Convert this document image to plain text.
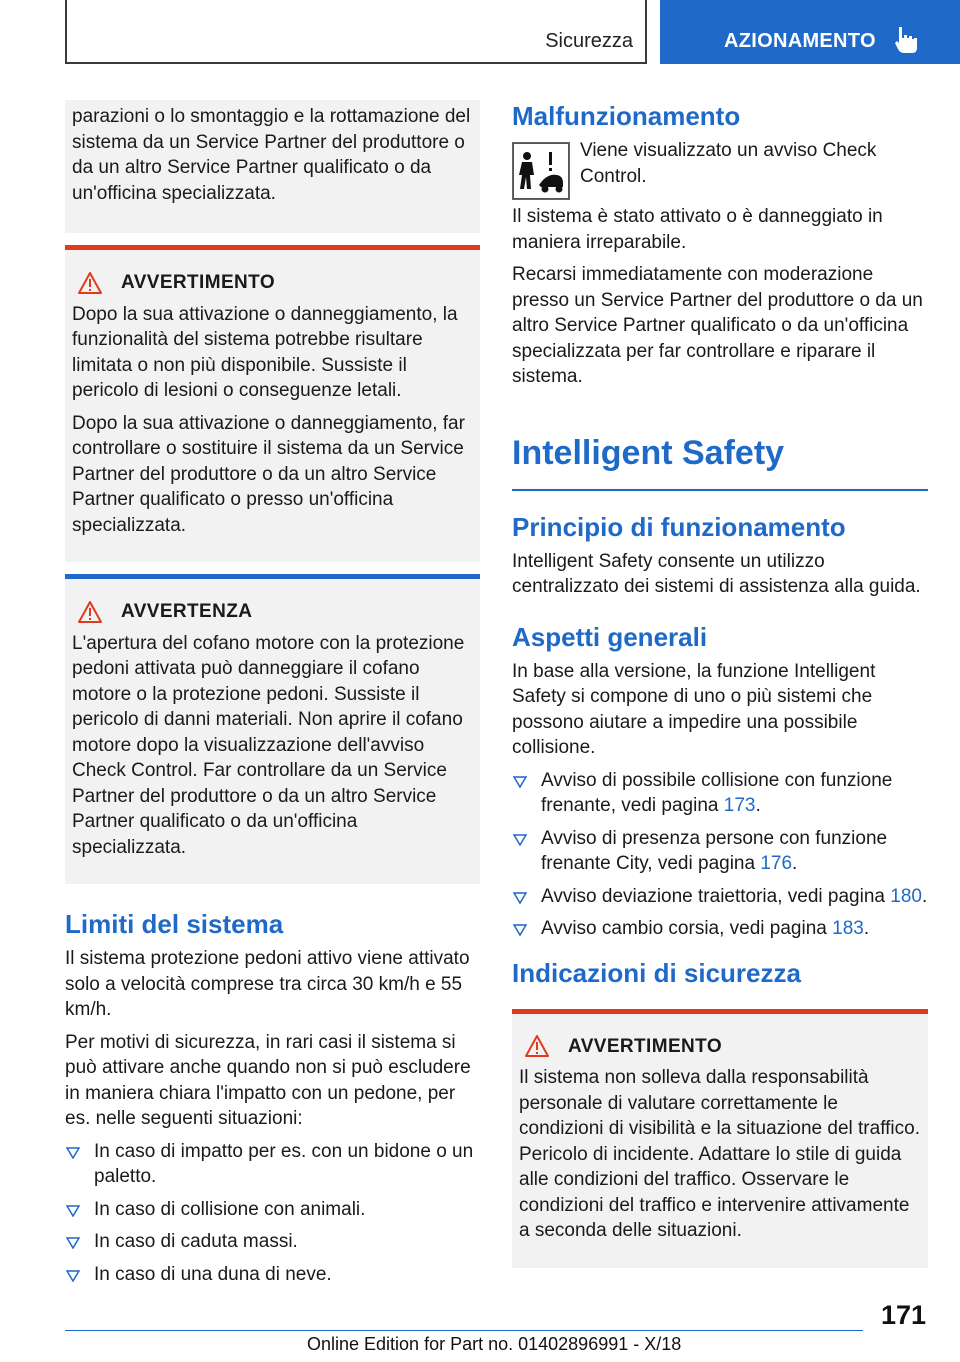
Sicurezza	AZIONAMENTO

parazioni o lo smontaggio e la rottamazione del sistema da un Service Partner del produttore o da un altro Service Partner qualificato o da un'officina specializzata.

AVVERTIMENTO

Dopo la sua attivazione o danneggiamento, la funzionalità del sistema potrebbe risultare limitata o non più disponibile. Sussiste il pericolo di lesioni o conseguenze letali.

Dopo la sua attivazione o danneggiamento, far controllare o sostituire il sistema da un Service Partner del produttore o da un altro Service Partner qualificato o presso un'officina specializzata.

AVVERTENZA

L'apertura del cofano motore con la protezione pedoni attivata può danneggiare il cofano motore o la protezione pedoni. Sussiste il pericolo di danni materiali. Non aprire il cofano motore dopo la visualizzazione dell'avviso Check Control. Far controllare da un Service Partner del produttore o da un altro Service Partner qualificato o da un'officina specializzata.

Limiti del sistema

Il sistema protezione pedoni attivo viene attivato solo a velocità comprese tra circa 30 km/h e 55 km/h.

Per motivi di sicurezza, in rari casi il sistema si può attivare anche quando non si può escludere in maniera chiara l'impatto con un pedone, per es. nelle seguenti situazioni:

In caso di impatto per es. con un bidone o un paletto.
In caso di collisione con animali.
In caso di caduta massi.
In caso di una duna di neve.
Malfunzionamento

Viene visualizzato un avviso Check Control.

Il sistema è stato attivato o è danneggiato in maniera irreparabile.

Recarsi immediatamente con moderazione presso un Service Partner del produttore o da un altro Service Partner qualificato o da un'officina specializzata per far controllare e riparare il sistema.

Intelligent Safety
Principio di funzionamento

Intelligent Safety consente un utilizzo centralizzato dei sistemi di assistenza alla guida.

Aspetti generali

In base alla versione, la funzione Intelligent Safety si compone di uno o più sistemi che possono aiutare a impedire una possibile collisione.

Avviso di possibile collisione con funzione frenante, vedi pagina 173.
Avviso di presenza persone con funzione frenante City, vedi pagina 176.
Avviso deviazione traiettoria, vedi pagina 180.
Avviso cambio corsia, vedi pagina 183.
Indicazioni di sicurezza
AVVERTIMENTO

Il sistema non solleva dalla responsabilità personale di valutare correttamente le condizioni di visibilità e la situazione del traffico. Pericolo di incidente. Adattare lo stile di guida alle condizioni del traffico. Osservare le condizioni del traffico e intervenire attivamente a seconda delle situazioni.

171
Online Edition for Part no. 01402896991 - X/18
